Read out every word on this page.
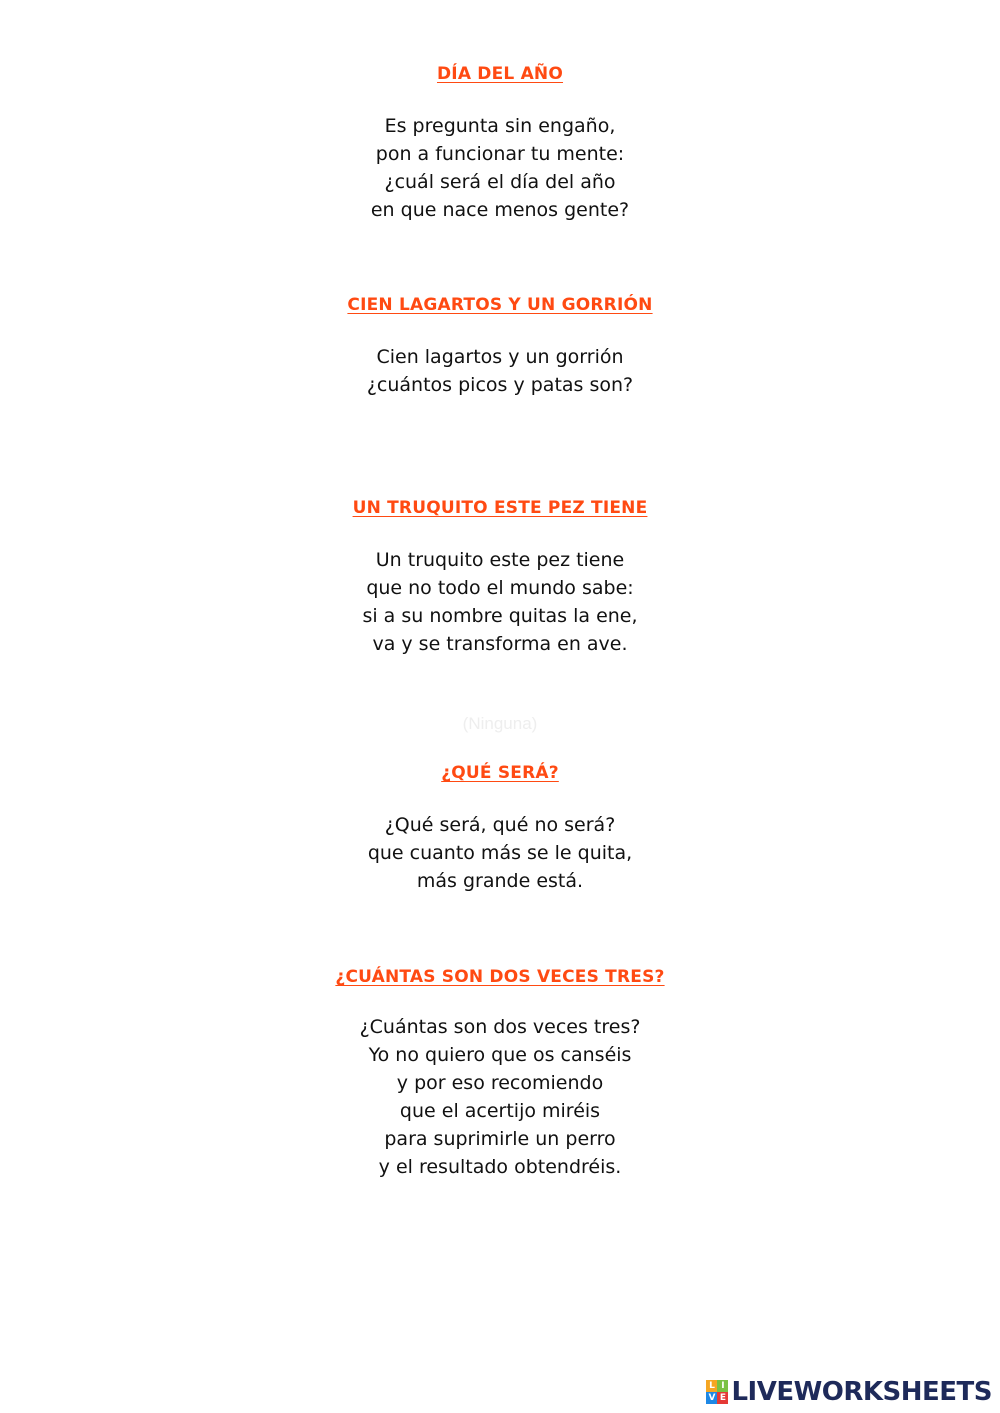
DÍA DEL AÑO
Es pregunta sin engaño,
pon a funcionar tu mente:
¿cuál será el día del año
en que nace menos gente?
CIEN LAGARTOS Y UN GORRIÓN
Cien lagartos y un gorrión
¿cuántos picos y patas son?
UN TRUQUITO ESTE PEZ TIENE
Un truquito este pez tiene
que no todo el mundo sabe:
si a su nombre quitas la ene,
va y se transforma en ave.
(Ninguna)
¿QUÉ SERÁ?
¿Qué será, qué no será?
que cuanto más se le quita,
más grande está.
¿CUÁNTAS SON DOS VECES TRES?
¿Cuántas son dos veces tres?
Yo no quiero que os canséis
y por eso recomiendo
que el acertijo miréis
para suprimirle un perro
y el resultado obtendréis.
L I
V E LIVEWORKSHEETS
